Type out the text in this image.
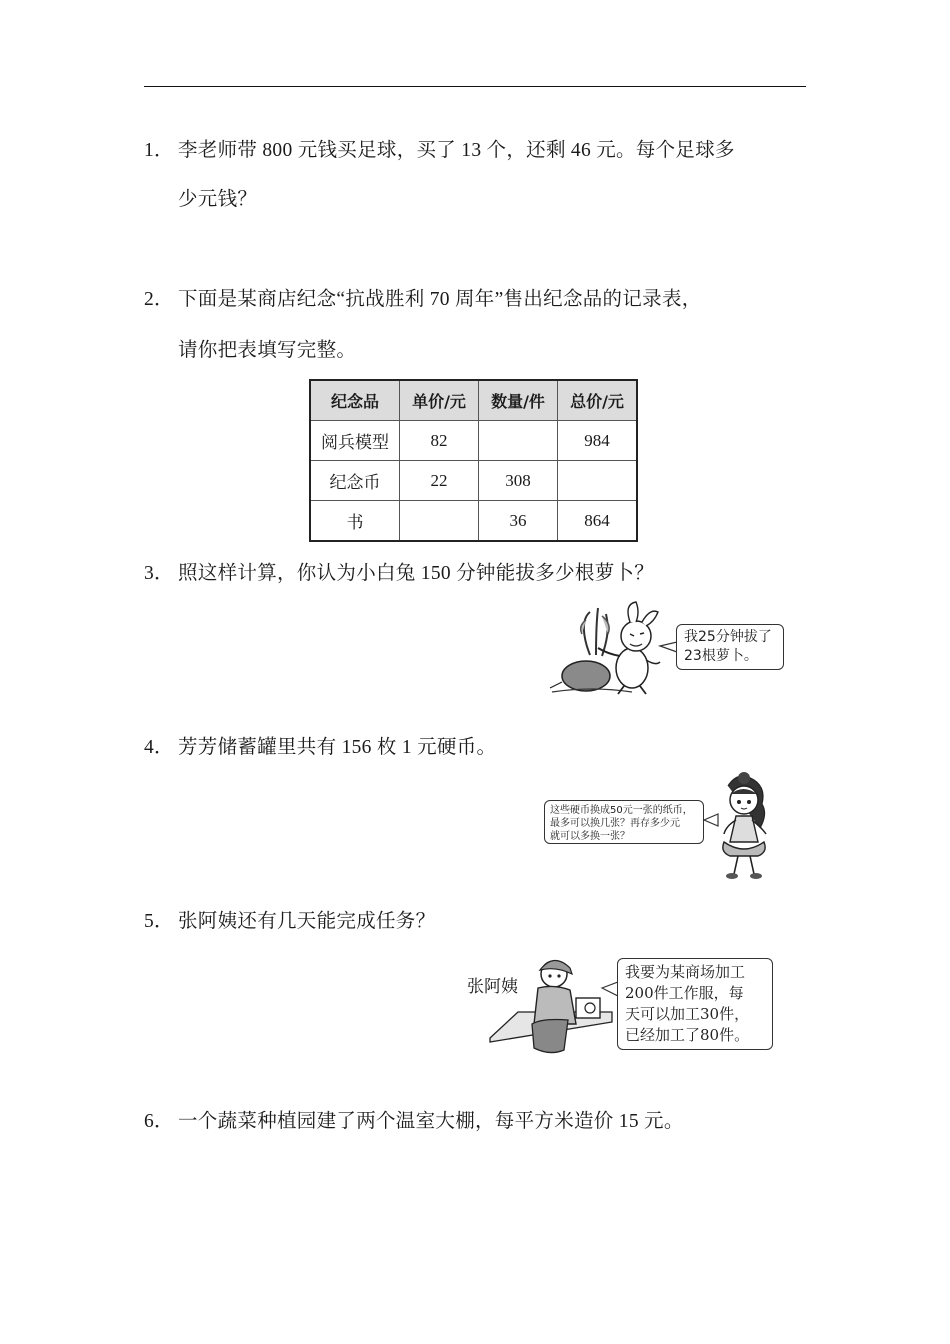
1． 李老师带 800 元钱买足球，买了 13 个，还剩 46 元。每个足球多
少元钱？
2． 下面是某商店纪念“抗战胜利 70 周年”售出纪念品的记录表，
请你把表填写完整。
纪念品	单价/元	数量/件	总价/元
阅兵模型	82		984
纪念币	22	308	
书		36	864
3． 照这样计算，你认为小白兔 150 分钟能拔多少根萝卜？
我25分钟拔了
23根萝卜。
4． 芳芳储蓄罐里共有 156 枚 1 元硬币。
这些硬币换成50元一张的纸币，
最多可以换几张？再存多少元
就可以多换一张？
5． 张阿姨还有几天能完成任务？
张阿姨
我要为某商场加工
200件工作服，每
天可以加工30件，
已经加工了80件。
6． 一个蔬菜种植园建了两个温室大棚，每平方米造价 15 元。
